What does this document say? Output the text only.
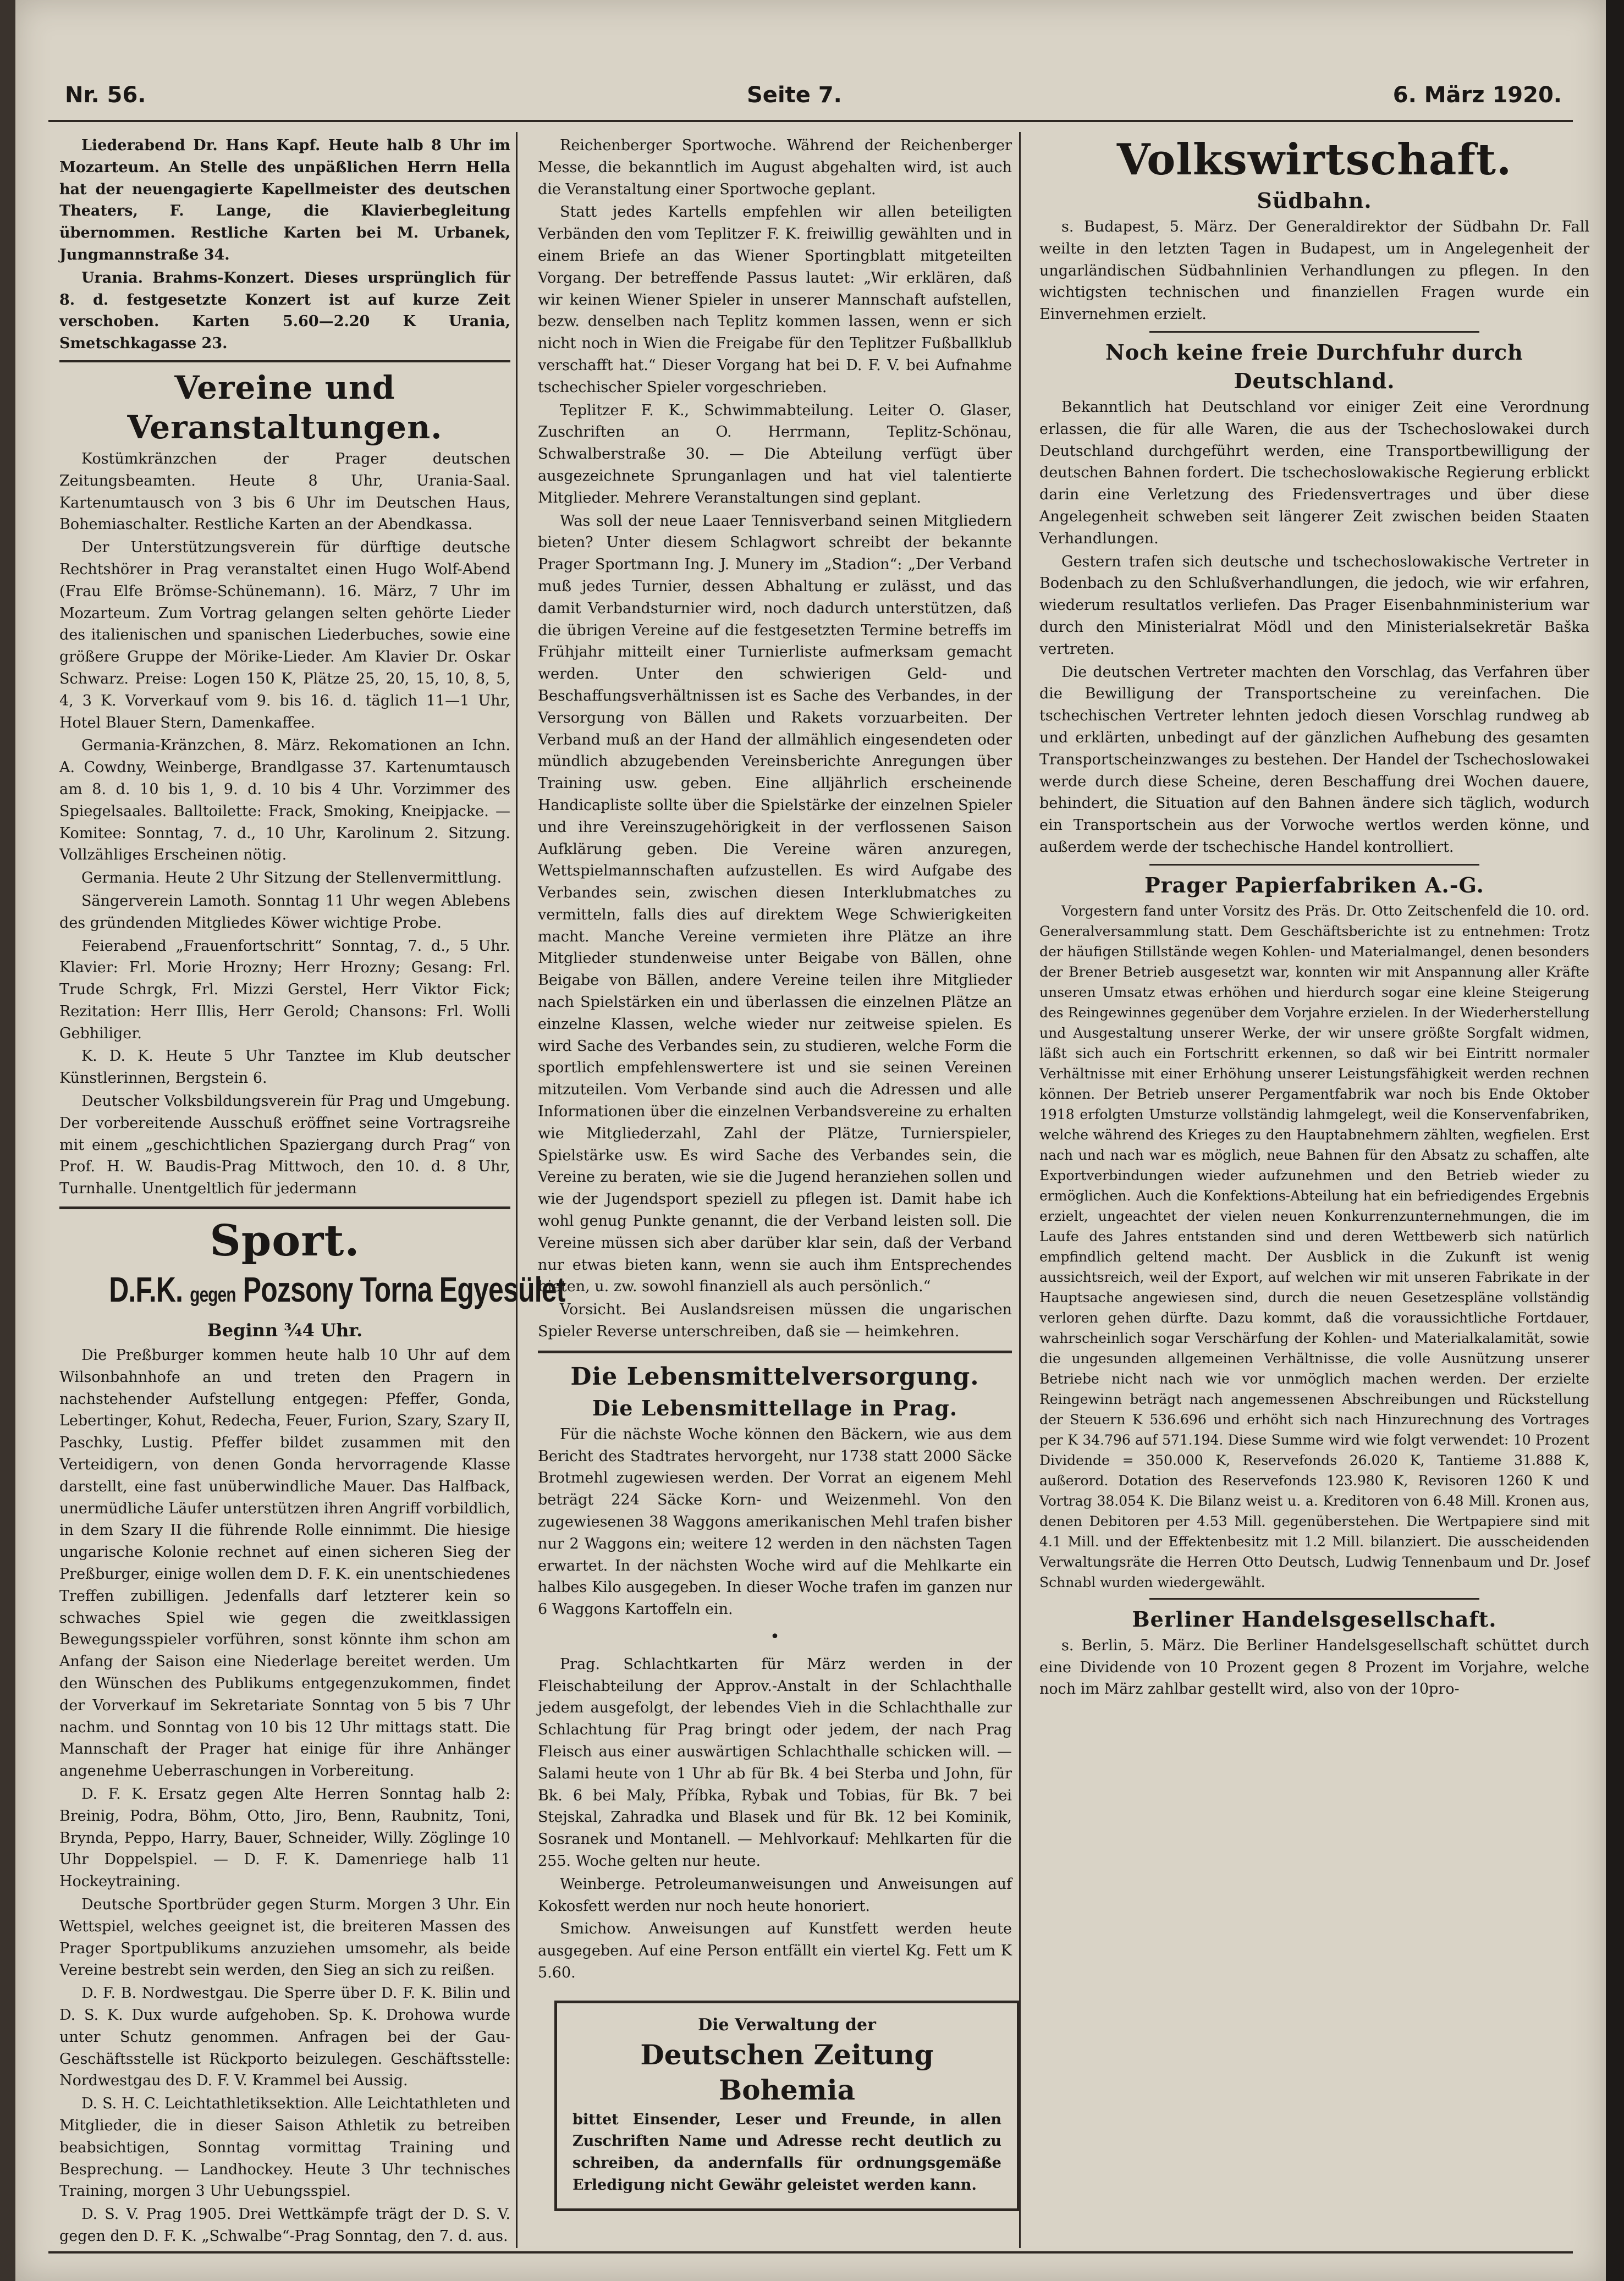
Nr. 56.	Seite 7.	6. März 1920.

Liederabend Dr. Hans Kapf. Heute halb 8 Uhr im Mozarteum. An Stelle des unpäßlichen Herrn Hella hat der neuengagierte Kapellmeister des deutschen Theaters, F. Lange, die Klavierbegleitung übernommen. Restliche Karten bei M. Urbanek, Jungmannstraße 34.

Urania. Brahms-Konzert. Dieses ursprünglich für 8. d. festgesetzte Konzert ist auf kurze Zeit verschoben. Karten 5.60—2.20 K Urania, Smetschkagasse 23.

Vereine und Veranstaltungen.

Kostümkränzchen der Prager deutschen Zeitungsbeamten. Heute 8 Uhr, Urania-Saal. Kartenumtausch von 3 bis 6 Uhr im Deutschen Haus, Bohemiaschalter. Restliche Karten an der Abendkassa.

Der Unterstützungsverein für dürftige deutsche Rechtshörer in Prag veranstaltet einen Hugo Wolf-Abend (Frau Elfe Brömse-Schünemann). 16. März, 7 Uhr im Mozarteum. Zum Vortrag gelangen selten gehörte Lieder des italienischen und spanischen Liederbuches, sowie eine größere Gruppe der Mörike-Lieder. Am Klavier Dr. Oskar Schwarz. Preise: Logen 150 K, Plätze 25, 20, 15, 10, 8, 5, 4, 3 K. Vorverkauf vom 9. bis 16. d. täglich 11—1 Uhr, Hotel Blauer Stern, Damenkaffee.

Germania-Kränzchen, 8. März. Rekomationen an Ichn. A. Cowdny, Weinberge, Brandlgasse 37. Kartenumtausch am 8. d. 10 bis 1, 9. d. 10 bis 4 Uhr. Vorzimmer des Spiegelsaales. Balltoilette: Frack, Smoking, Kneipjacke. — Komitee: Sonntag, 7. d., 10 Uhr, Karolinum 2. Sitzung. Vollzähliges Erscheinen nötig.

Germania. Heute 2 Uhr Sitzung der Stellenvermittlung.

Sängerverein Lamoth. Sonntag 11 Uhr wegen Ablebens des gründenden Mitgliedes Köwer wichtige Probe.

Feierabend „Frauenfortschritt“ Sonntag, 7. d., 5 Uhr. Klavier: Frl. Morie Hrozny; Herr Hrozny; Gesang: Frl. Trude Schrgk, Frl. Mizzi Gerstel, Herr Viktor Fick; Rezitation: Herr Illis, Herr Gerold; Chansons: Frl. Wolli Gebhiliger.

K. D. K. Heute 5 Uhr Tanztee im Klub deutscher Künstlerinnen, Bergstein 6.

Deutscher Volksbildungsverein für Prag und Umgebung. Der vorbereitende Ausschuß eröffnet seine Vortragsreihe mit einem „geschichtlichen Spaziergang durch Prag“ von Prof. H. W. Baudis-Prag Mittwoch, den 10. d. 8 Uhr, Turnhalle. Unentgeltlich für jedermann

Sport.

D.F.K. gegen Pozsony Torna Egyesület

Beginn ¾4 Uhr.

Die Preßburger kommen heute halb 10 Uhr auf dem Wilsonbahnhofe an und treten den Pragern in nachstehender Aufstellung entgegen: Pfeffer, Gonda, Lebertinger, Kohut, Redecha, Feuer, Furion, Szary, Szary II, Paschky, Lustig. Pfeffer bildet zusammen mit den Verteidigern, von denen Gonda hervorragende Klasse darstellt, eine fast unüberwindliche Mauer. Das Halfback, unermüdliche Läufer unterstützen ihren Angriff vorbildlich, in dem Szary II die führende Rolle einnimmt. Die hiesige ungarische Kolonie rechnet auf einen sicheren Sieg der Preßburger, einige wollen dem D. F. K. ein unentschiedenes Treffen zubilligen. Jedenfalls darf letzterer kein so schwaches Spiel wie gegen die zweitklassigen Bewegungsspieler vorführen, sonst könnte ihm schon am Anfang der Saison eine Niederlage bereitet werden. Um den Wünschen des Publikums entgegenzukommen, findet der Vorverkauf im Sekretariate Sonntag von 5 bis 7 Uhr nachm. und Sonntag von 10 bis 12 Uhr mittags statt. Die Mannschaft der Prager hat einige für ihre Anhänger angenehme Ueberraschungen in Vorbereitung.

D. F. K. Ersatz gegen Alte Herren Sonntag halb 2: Breinig, Podra, Böhm, Otto, Jiro, Benn, Raubnitz, Toni, Brynda, Peppo, Harry, Bauer, Schneider, Willy. Zöglinge 10 Uhr Doppelspiel. — D. F. K. Damenriege halb 11 Hockeytraining.

Deutsche Sportbrüder gegen Sturm. Morgen 3 Uhr. Ein Wettspiel, welches geeignet ist, die breiteren Massen des Prager Sportpublikums anzuziehen umsomehr, als beide Vereine bestrebt sein werden, den Sieg an sich zu reißen.

D. F. B. Nordwestgau. Die Sperre über D. F. K. Bilin und D. S. K. Dux wurde aufgehoben. Sp. K. Drohowa wurde unter Schutz genommen. Anfragen bei der Gau-Geschäftsstelle ist Rückporto beizulegen. Geschäftsstelle: Nordwestgau des D. F. V. Krammel bei Aussig.

D. S. H. C. Leichtathletiksektion. Alle Leichtathleten und Mitglieder, die in dieser Saison Athletik zu betreiben beabsichtigen, Sonntag vormittag Training und Besprechung. — Landhockey. Heute 3 Uhr technisches Training, morgen 3 Uhr Uebungsspiel.

D. S. V. Prag 1905. Drei Wettkämpfe trägt der D. S. V. gegen den D. F. K. „Schwalbe“-Prag Sonntag, den 7. d. aus.

Reichenberger Sportwoche. Während der Reichenberger Messe, die bekanntlich im August abgehalten wird, ist auch die Veranstaltung einer Sportwoche geplant.

Statt jedes Kartells empfehlen wir allen beteiligten Verbänden den vom Teplitzer F. K. freiwillig gewählten und in einem Briefe an das Wiener Sportingblatt mitgeteilten Vorgang. Der betreffende Passus lautet: „Wir erklären, daß wir keinen Wiener Spieler in unserer Mannschaft aufstellen, bezw. denselben nach Teplitz kommen lassen, wenn er sich nicht noch in Wien die Freigabe für den Teplitzer Fußballklub verschafft hat.“ Dieser Vorgang hat bei D. F. V. bei Aufnahme tschechischer Spieler vorgeschrieben.

Teplitzer F. K., Schwimmabteilung. Leiter O. Glaser, Zuschriften an O. Herrmann, Teplitz-Schönau, Schwalberstraße 30. — Die Abteilung verfügt über ausgezeichnete Sprunganlagen und hat viel talentierte Mitglieder. Mehrere Veranstaltungen sind geplant.

Was soll der neue Laaer Tennisverband seinen Mitgliedern bieten? Unter diesem Schlagwort schreibt der bekannte Prager Sportmann Ing. J. Munery im „Stadion“: „Der Verband muß jedes Turnier, dessen Abhaltung er zulässt, und das damit Verbandsturnier wird, noch dadurch unterstützen, daß die übrigen Vereine auf die festgesetzten Termine betreffs im Frühjahr mitteilt einer Turnierliste aufmerksam gemacht werden. Unter den schwierigen Geld- und Beschaffungsverhältnissen ist es Sache des Verbandes, in der Versorgung von Bällen und Rakets vorzuarbeiten. Der Verband muß an der Hand der allmählich eingesendeten oder mündlich abzugebenden Vereinsberichte Anregungen über Training usw. geben. Eine alljährlich erscheinende Handicapliste sollte über die Spielstärke der einzelnen Spieler und ihre Vereinszugehörigkeit in der verflossenen Saison Aufklärung geben. Die Vereine wären anzuregen, Wettspielmannschaften aufzustellen. Es wird Aufgabe des Verbandes sein, zwischen diesen Interklubmatches zu vermitteln, falls dies auf direktem Wege Schwierigkeiten macht. Manche Vereine vermieten ihre Plätze an ihre Mitglieder stundenweise unter Beigabe von Bällen, ohne Beigabe von Bällen, andere Vereine teilen ihre Mitglieder nach Spielstärken ein und überlassen die einzelnen Plätze an einzelne Klassen, welche wieder nur zeitweise spielen. Es wird Sache des Verbandes sein, zu studieren, welche Form die sportlich empfehlenswertere ist und sie seinen Vereinen mitzuteilen. Vom Verbande sind auch die Adressen und alle Informationen über die einzelnen Verbandsvereine zu erhalten wie Mitgliederzahl, Zahl der Plätze, Turnierspieler, Spielstärke usw. Es wird Sache des Verbandes sein, die Vereine zu beraten, wie sie die Jugend heranziehen sollen und wie der Jugendsport speziell zu pflegen ist. Damit habe ich wohl genug Punkte genannt, die der Verband leisten soll. Die Vereine müssen sich aber darüber klar sein, daß der Verband nur etwas bieten kann, wenn sie auch ihm Entsprechendes bieten, u. zw. sowohl finanziell als auch persönlich.“

Vorsicht. Bei Auslandsreisen müssen die ungarischen Spieler Reverse unterschreiben, daß sie — heimkehren.

Die Lebensmittelversorgung.

Die Lebensmittellage in Prag.

Für die nächste Woche können den Bäckern, wie aus dem Bericht des Stadtrates hervorgeht, nur 1738 statt 2000 Säcke Brotmehl zugewiesen werden. Der Vorrat an eigenem Mehl beträgt 224 Säcke Korn- und Weizenmehl. Von den zugewiesenen 38 Waggons amerikanischen Mehl trafen bisher nur 2 Waggons ein; weitere 12 werden in den nächsten Tagen erwartet. In der nächsten Woche wird auf die Mehlkarte ein halbes Kilo ausgegeben. In dieser Woche trafen im ganzen nur 6 Waggons Kartoffeln ein.

•

Prag. Schlachtkarten für März werden in der Fleischabteilung der Approv.-Anstalt in der Schlachthalle jedem ausgefolgt, der lebendes Vieh in die Schlachthalle zur Schlachtung für Prag bringt oder jedem, der nach Prag Fleisch aus einer auswärtigen Schlachthalle schicken will. — Salami heute von 1 Uhr ab für Bk. 4 bei Sterba und John, für Bk. 6 bei Maly, Příbka, Rybak und Tobias, für Bk. 7 bei Stejskal, Zahradka und Blasek und für Bk. 12 bei Kominik, Sosranek und Montanell. — Mehlvorkauf: Mehlkarten für die 255. Woche gelten nur heute.

Weinberge. Petroleumanweisungen und Anweisungen auf Kokosfett werden nur noch heute honoriert.

Smichow. Anweisungen auf Kunstfett werden heute ausgegeben. Auf eine Person entfällt ein viertel Kg. Fett um K 5.60.

Die Verwaltung der

Deutschen Zeitung Bohemia

bittet Einsender, Leser und Freunde, in allen Zuschriften Name und Adresse recht deutlich zu schreiben, da andernfalls für ordnungsgemäße Erledigung nicht Gewähr geleistet werden kann.

Volkswirtschaft.

Südbahn.

s. Budapest, 5. März. Der Generaldirektor der Südbahn Dr. Fall weilte in den letzten Tagen in Budapest, um in Angelegenheit der ungarländischen Südbahnlinien Verhandlungen zu pflegen. In den wichtigsten technischen und finanziellen Fragen wurde ein Einvernehmen erzielt.

Noch keine freie Durchfuhr durch Deutschland.

Bekanntlich hat Deutschland vor einiger Zeit eine Verordnung erlassen, die für alle Waren, die aus der Tschechoslowakei durch Deutschland durchgeführt werden, eine Transportbewilligung der deutschen Bahnen fordert. Die tschechoslowakische Regierung erblickt darin eine Verletzung des Friedensvertrages und über diese Angelegenheit schweben seit längerer Zeit zwischen beiden Staaten Verhandlungen.

Gestern trafen sich deutsche und tschechoslowakische Vertreter in Bodenbach zu den Schlußverhandlungen, die jedoch, wie wir erfahren, wiederum resultatlos verliefen. Das Prager Eisenbahnministerium war durch den Ministerialrat Mödl und den Ministerialsekretär Baška vertreten.

Die deutschen Vertreter machten den Vorschlag, das Verfahren über die Bewilligung der Transportscheine zu vereinfachen. Die tschechischen Vertreter lehnten jedoch diesen Vorschlag rundweg ab und erklärten, unbedingt auf der gänzlichen Aufhebung des gesamten Transportscheinzwanges zu bestehen. Der Handel der Tschechoslowakei werde durch diese Scheine, deren Beschaffung drei Wochen dauere, behindert, die Situation auf den Bahnen ändere sich täglich, wodurch ein Transportschein aus der Vorwoche wertlos werden könne, und außerdem werde der tschechische Handel kontrolliert.

Prager Papierfabriken A.-G.

Vorgestern fand unter Vorsitz des Präs. Dr. Otto Zeitschenfeld die 10. ord. Generalversammlung statt. Dem Geschäftsberichte ist zu entnehmen: Trotz der häufigen Stillstände wegen Kohlen- und Materialmangel, denen besonders der Brener Betrieb ausgesetzt war, konnten wir mit Anspannung aller Kräfte unseren Umsatz etwas erhöhen und hierdurch sogar eine kleine Steigerung des Reingewinnes gegenüber dem Vorjahre erzielen. In der Wiederherstellung und Ausgestaltung unserer Werke, der wir unsere größte Sorgfalt widmen, läßt sich auch ein Fortschritt erkennen, so daß wir bei Eintritt normaler Verhältnisse mit einer Erhöhung unserer Leistungsfähigkeit werden rechnen können. Der Betrieb unserer Pergamentfabrik war noch bis Ende Oktober 1918 erfolgten Umsturze vollständig lahmgelegt, weil die Konservenfabriken, welche während des Krieges zu den Hauptabnehmern zählten, wegfielen. Erst nach und nach war es möglich, neue Bahnen für den Absatz zu schaffen, alte Exportverbindungen wieder aufzunehmen und den Betrieb wieder zu ermöglichen. Auch die Konfektions-Abteilung hat ein befriedigendes Ergebnis erzielt, ungeachtet der vielen neuen Konkurrenzunternehmungen, die im Laufe des Jahres entstanden sind und deren Wettbewerb sich natürlich empfindlich geltend macht. Der Ausblick in die Zukunft ist wenig aussichtsreich, weil der Export, auf welchen wir mit unseren Fabrikate in der Hauptsache angewiesen sind, durch die neuen Gesetzespläne vollständig verloren gehen dürfte. Dazu kommt, daß die voraussichtliche Fortdauer, wahrscheinlich sogar Verschärfung der Kohlen- und Materialkalamität, sowie die ungesunden allgemeinen Verhältnisse, die volle Ausnützung unserer Betriebe nicht nach wie vor unmöglich machen werden. Der erzielte Reingewinn beträgt nach angemessenen Abschreibungen und Rückstellung der Steuern K 536.696 und erhöht sich nach Hinzurechnung des Vortrages per K 34.796 auf 571.194. Diese Summe wird wie folgt verwendet: 10 Prozent Dividende = 350.000 K, Reservefonds 26.020 K, Tantieme 31.888 K, außerord. Dotation des Reservefonds 123.980 K, Revisoren 1260 K und Vortrag 38.054 K. Die Bilanz weist u. a. Kreditoren von 6.48 Mill. Kronen aus, denen Debitoren per 4.53 Mill. gegenüberstehen. Die Wertpapiere sind mit 4.1 Mill. und der Effektenbesitz mit 1.2 Mill. bilanziert. Die ausscheidenden Verwaltungsräte die Herren Otto Deutsch, Ludwig Tennenbaum und Dr. Josef Schnabl wurden wiedergewählt.

Berliner Handelsgesellschaft.

s. Berlin, 5. März. Die Berliner Handelsgesellschaft schüttet durch eine Dividende von 10 Prozent gegen 8 Prozent im Vorjahre, welche noch im März zahlbar gestellt wird, also von der 10pro-
